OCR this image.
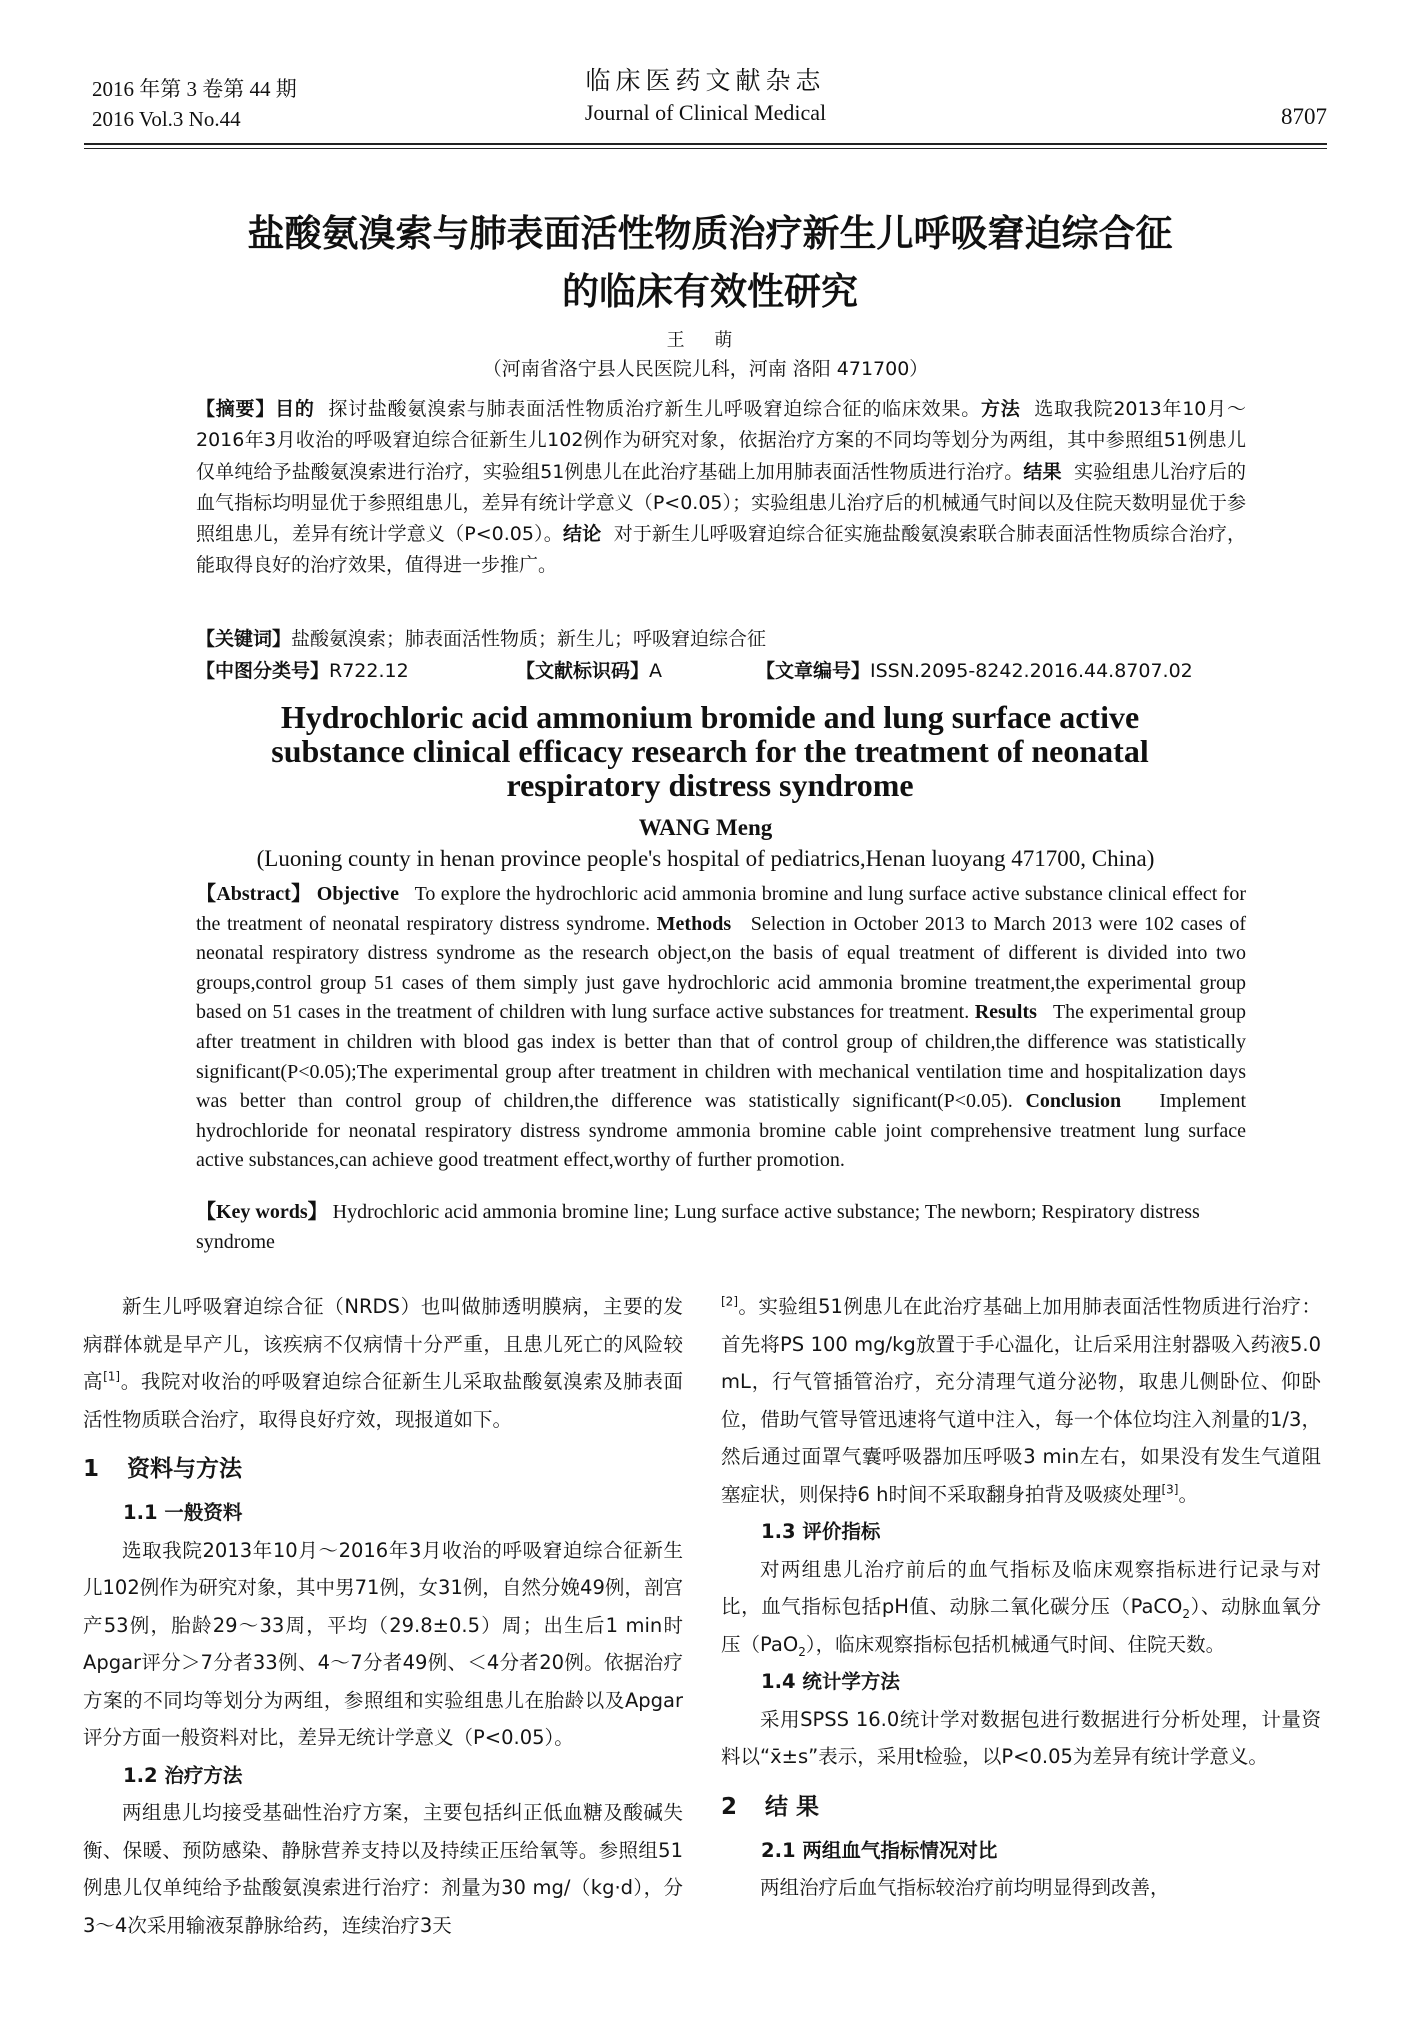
2016 年第 3 卷第 44 期
2016 Vol.3 No.44
临床医药文献杂志
Journal of Clinical Medical	8707
盐酸氨溴索与肺表面活性物质治疗新生儿呼吸窘迫综合征
的临床有效性研究
王 萌
（河南省洛宁县人民医院儿科，河南 洛阳 471700）
【摘要】目的 探讨盐酸氨溴索与肺表面活性物质治疗新生儿呼吸窘迫综合征的临床效果。方法 选取我院2013年10月～2016年3月收治的呼吸窘迫综合征新生儿102例作为研究对象，依据治疗方案的不同均等划分为两组，其中参照组51例患儿仅单纯给予盐酸氨溴索进行治疗，实验组51例患儿在此治疗基础上加用肺表面活性物质进行治疗。结果 实验组患儿治疗后的血气指标均明显优于参照组患儿，差异有统计学意义（P<0.05）；实验组患儿治疗后的机械通气时间以及住院天数明显优于参照组患儿，差异有统计学意义（P<0.05）。结论 对于新生儿呼吸窘迫综合征实施盐酸氨溴索联合肺表面活性物质综合治疗，能取得良好的治疗效果，值得进一步推广。
【关键词】盐酸氨溴索；肺表面活性物质；新生儿；呼吸窘迫综合征
【中图分类号】R722.12	【文献标识码】A	【文章编号】ISSN.2095-8242.2016.44.8707.02
Hydrochloric acid ammonium bromide and lung surface active
substance clinical efficacy research for the treatment of neonatal
respiratory distress syndrome
WANG Meng
(Luoning county in henan province people's hospital of pediatrics,Henan luoyang 471700, China)
【Abstract】 Objective To explore the hydrochloric acid ammonia bromine and lung surface active substance clinical effect for the treatment of neonatal respiratory distress syndrome. Methods Selection in October 2013 to March 2013 were 102 cases of neonatal respiratory distress syndrome as the research object,on the basis of equal treatment of different is divided into two groups,control group 51 cases of them simply just gave hydrochloric acid ammonia bromine treatment,the experimental group based on 51 cases in the treatment of children with lung surface active substances for treatment. Results The experimental group after treatment in children with blood gas index is better than that of control group of children,the difference was statistically significant(P<0.05);The experimental group after treatment in children with mechanical ventilation time and hospitalization days was better than control group of children,the difference was statistically significant(P<0.05). Conclusion Implement hydrochloride for neonatal respiratory distress syndrome ammonia bromine cable joint comprehensive treatment lung surface active substances,can achieve good treatment effect,worthy of further promotion.
【Key words】 Hydrochloric acid ammonia bromine line; Lung surface active substance; The newborn; Respiratory distress syndrome

新生儿呼吸窘迫综合征（NRDS）也叫做肺透明膜病，主要的发病群体就是早产儿，该疾病不仅病情十分严重，且患儿死亡的风险较高[1]。我院对收治的呼吸窘迫综合征新生儿采取盐酸氨溴索及肺表面活性物质联合治疗，取得良好疗效，现报道如下。

1 资料与方法
1.1 一般资料

选取我院2013年10月～2016年3月收治的呼吸窘迫综合征新生儿102例作为研究对象，其中男71例，女31例，自然分娩49例，剖宫产53例，胎龄29～33周，平均（29.8±0.5）周；出生后1 min时Apgar评分＞7分者33例、4～7分者49例、＜4分者20例。依据治疗方案的不同均等划分为两组，参照组和实验组患儿在胎龄以及Apgar评分方面一般资料对比，差异无统计学意义（P<0.05）。

1.2 治疗方法

两组患儿均接受基础性治疗方案，主要包括纠正低血糖及酸碱失衡、保暖、预防感染、静脉营养支持以及持续正压给氧等。参照组51例患儿仅单纯给予盐酸氨溴索进行治疗：剂量为30 mg/（kg·d），分3～4次采用输液泵静脉给药，连续治疗3天

[2]。实验组51例患儿在此治疗基础上加用肺表面活性物质进行治疗：首先将PS 100 mg/kg放置于手心温化，让后采用注射器吸入药液5.0 mL，行气管插管治疗，充分清理气道分泌物，取患儿侧卧位、仰卧位，借助气管导管迅速将气道中注入，每一个体位均注入剂量的1/3，然后通过面罩气囊呼吸器加压呼吸3 min左右，如果没有发生气道阻塞症状，则保持6 h时间不采取翻身拍背及吸痰处理[3]。

1.3 评价指标

对两组患儿治疗前后的血气指标及临床观察指标进行记录与对比，血气指标包括pH值、动脉二氧化碳分压（PaCO$_2$）、动脉血氧分压（PaO$_2$），临床观察指标包括机械通气时间、住院天数。

1.4 统计学方法

采用SPSS 16.0统计学对数据包进行数据进行分析处理，计量资料以“x̄±s”表示，采用t检验，以P<0.05为差异有统计学意义。

2 结 果
2.1 两组血气指标情况对比

两组治疗后血气指标较治疗前均明显得到改善，
